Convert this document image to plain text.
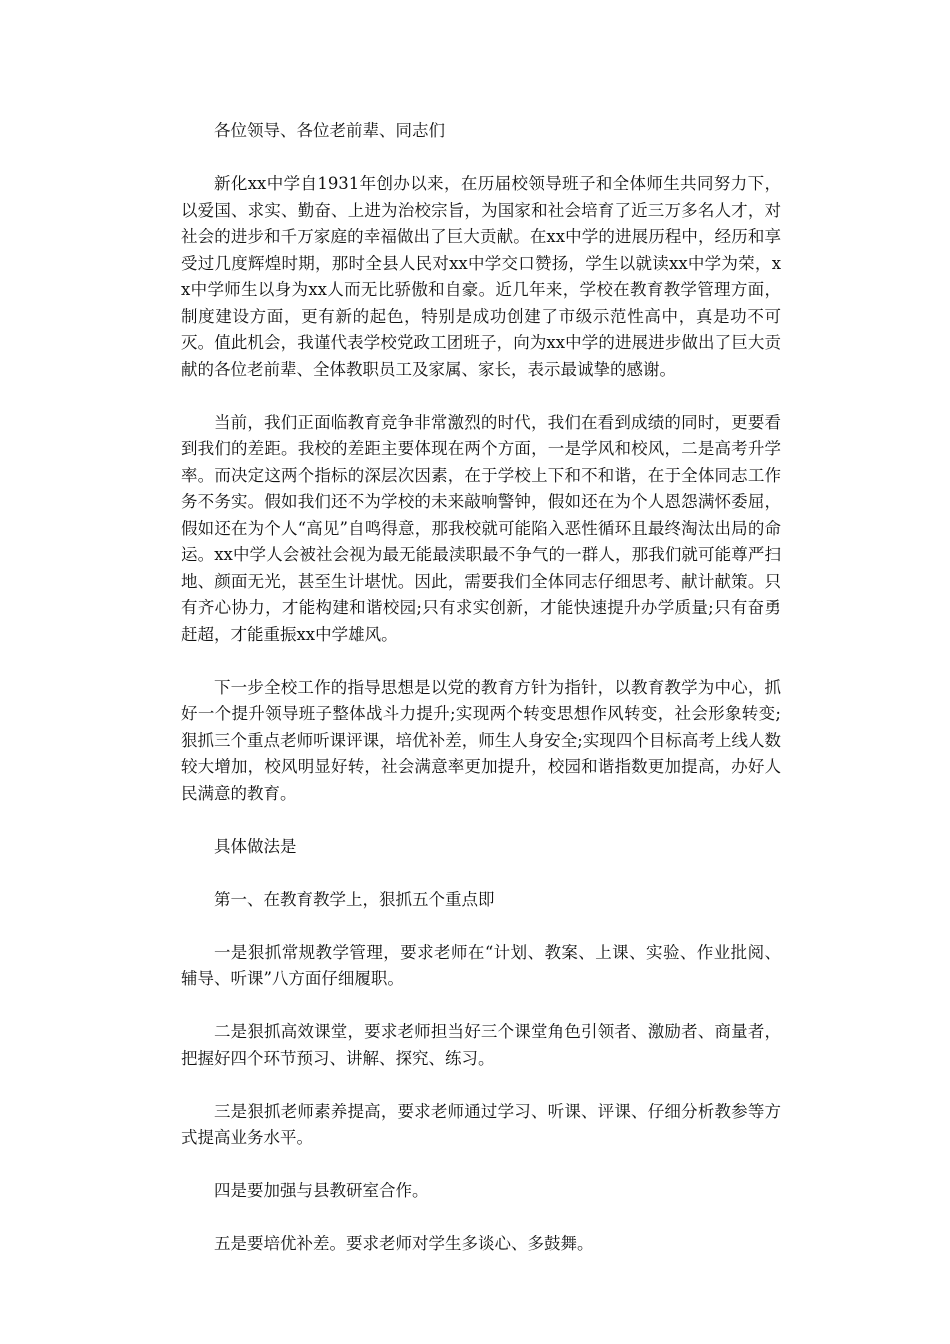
各位领导、各位老前辈、同志们

新化xx中学自1931年创办以来，在历届校领导班子和全体师生共同努力下，以爱国、求实、勤奋、上进为治校宗旨，为国家和社会培育了近三万多名人才，对社会的进步和千万家庭的幸福做出了巨大贡献。在xx中学的进展历程中，经历和享受过几度辉煌时期，那时全县人民对xx中学交口赞扬，学生以就读xx中学为荣，xx中学师生以身为xx人而无比骄傲和自豪。近几年来，学校在教育教学管理方面，制度建设方面，更有新的起色，特别是成功创建了市级示范性高中，真是功不可灭。值此机会，我谨代表学校党政工团班子，向为xx中学的进展进步做出了巨大贡献的各位老前辈、全体教职员工及家属、家长，表示最诚挚的感谢。

当前，我们正面临教育竞争非常激烈的时代，我们在看到成绩的同时，更要看到我们的差距。我校的差距主要体现在两个方面，一是学风和校风，二是高考升学率。而决定这两个指标的深层次因素，在于学校上下和不和谐，在于全体同志工作务不务实。假如我们还不为学校的未来敲响警钟，假如还在为个人恩怨满怀委屈，假如还在为个人“高见”自鸣得意，那我校就可能陷入恶性循环且最终淘汰出局的命运。xx中学人会被社会视为最无能最渎职最不争气的一群人，那我们就可能尊严扫地、颜面无光，甚至生计堪忧。因此，需要我们全体同志仔细思考、献计献策。只有齐心协力，才能构建和谐校园;只有求实创新，才能快速提升办学质量;只有奋勇赶超，才能重振xx中学雄风。

下一步全校工作的指导思想是以党的教育方针为指针，以教育教学为中心，抓好一个提升领导班子整体战斗力提升;实现两个转变思想作风转变，社会形象转变;狠抓三个重点老师听课评课，培优补差，师生人身安全;实现四个目标高考上线人数较大增加，校风明显好转，社会满意率更加提升，校园和谐指数更加提高，办好人民满意的教育。

具体做法是

第一、在教育教学上，狠抓五个重点即

一是狠抓常规教学管理，要求老师在“计划、教案、上课、实验、作业批阅、辅导、听课”八方面仔细履职。

二是狠抓高效课堂，要求老师担当好三个课堂角色引领者、激励者、商量者，把握好四个环节预习、讲解、探究、练习。

三是狠抓老师素养提高，要求老师通过学习、听课、评课、仔细分析教参等方式提高业务水平。

四是要加强与县教研室合作。

五是要培优补差。要求老师对学生多谈心、多鼓舞。
